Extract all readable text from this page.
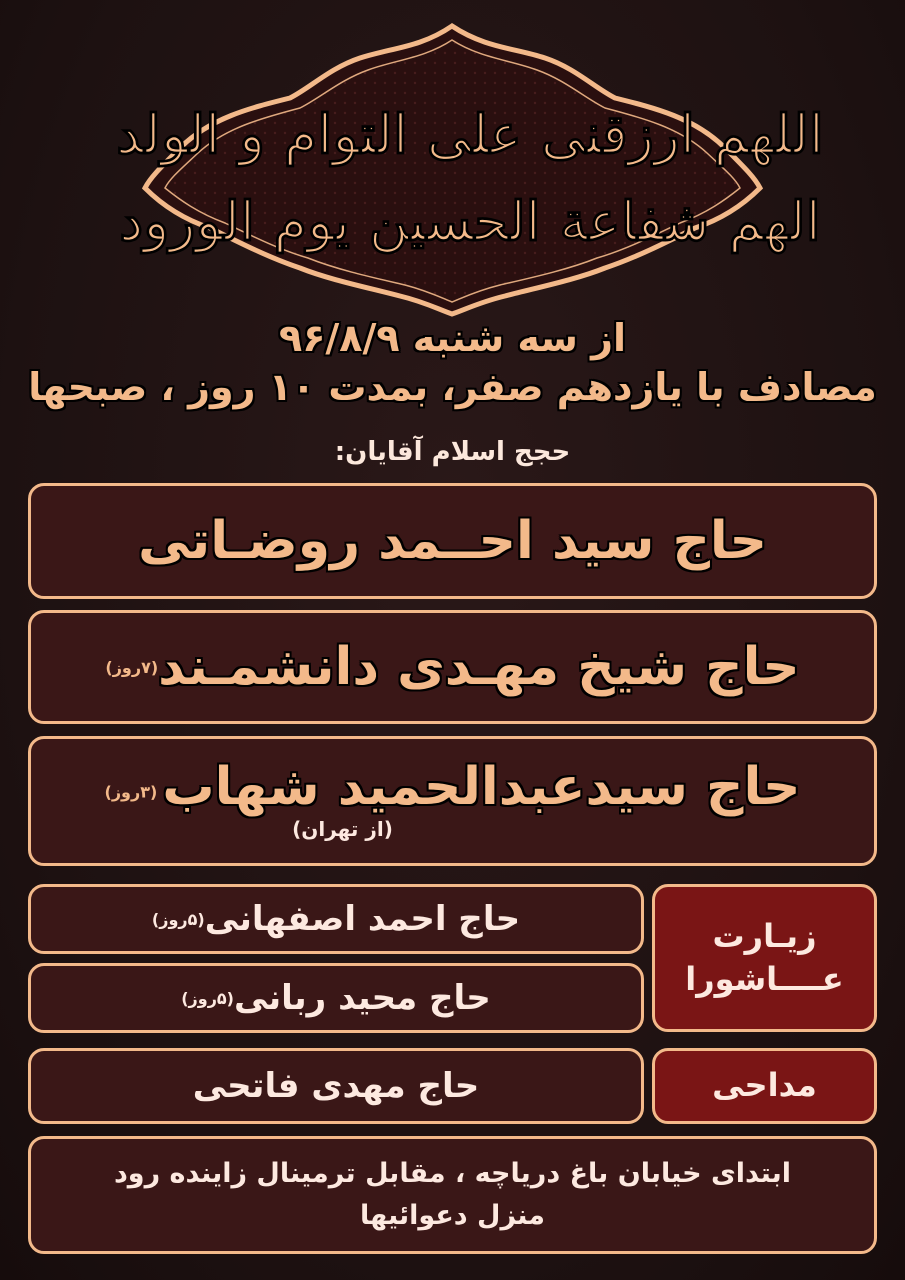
اللهم ارزقنی علی التوام و الولد
الهم شفاعة الحسين يوم الورود
از سه شنبه ۹۶/۸/۹
مصادف با یازدهم صفر، بمدت ۱۰ روز ، صبحها
حجج اسلام آقایان:
حاج سید احــمد روضـاتی
حاج شیخ مهـدی دانشمـند
(۷روز)
حاج سیدعبدالحمید شهاب (۳روز)
(از تهران)
زیـارت
عــــاشورا
حاج احمد اصفهانی
(۵روز)
حاج محید ربانی
(۵روز)
مداحی
حاج مهدی فاتحی
ابتدای خیابان باغ دریاچه ، مقابل ترمینال زاینده رود
منزل دعوائیها
